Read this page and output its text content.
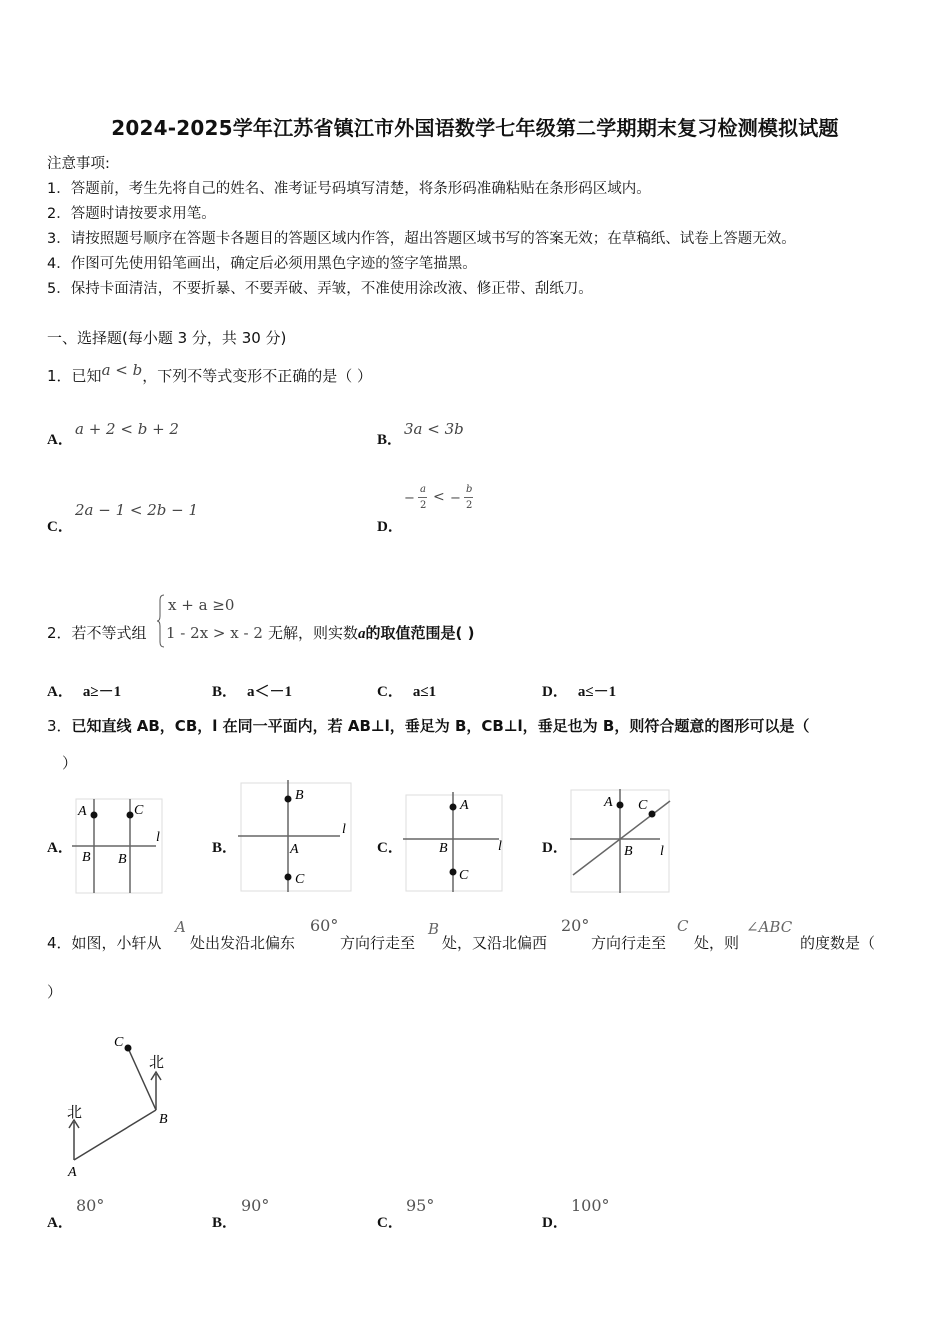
2024-2025学年江苏省镇江市外国语数学七年级第二学期期末复习检测模拟试题
注意事项:
1．答题前，考生先将自己的姓名、准考证号码填写清楚，将条形码准确粘贴在条形码区域内。
2．答题时请按要求用笔。
3．请按照题号顺序在答题卡各题目的答题区域内作答，超出答题区域书写的答案无效；在草稿纸、试卷上答题无效。
4．作图可先使用铅笔画出，确定后必须用黑色字迹的签字笔描黑。
5．保持卡面清洁，不要折暴、不要弄破、弄皱，不准使用涂改液、修正带、刮纸刀。
一、选择题(每小题 3 分，共 30 分)
1．已知a < b，下列不等式变形不正确的是（ ）
A．
a + 2 < b + 2
B．
3a < 3b
C．
2a − 1 < 2b − 1
D．
−
a
2
< −
b
2
2．若不等式组
x + a ≥0
1 - 2x > x - 2 无解，则实数a的取值范围是( )
A． a≥－1	B． a＜－1	C． a≤1	D． a≤－1
3．已知直线 AB，CB，l 在同一平面内，若 AB⊥l，垂足为 B，CB⊥l，垂足也为 B，则符合题意的图形可以是（
）
A．
A	C
l
B B
B．
B
l
A
C
C．
A
l
B
C
D．
A C
B l
4．如图，小轩从
A
处出发沿北偏东
60°
方向行走至
B
处，又沿北偏西
20°
方向行走至
C
处，则
∠ABC
的度数是（
）
北
北
C
B
A
A．
80°
B．
90°
C．
95°
D．
100°
